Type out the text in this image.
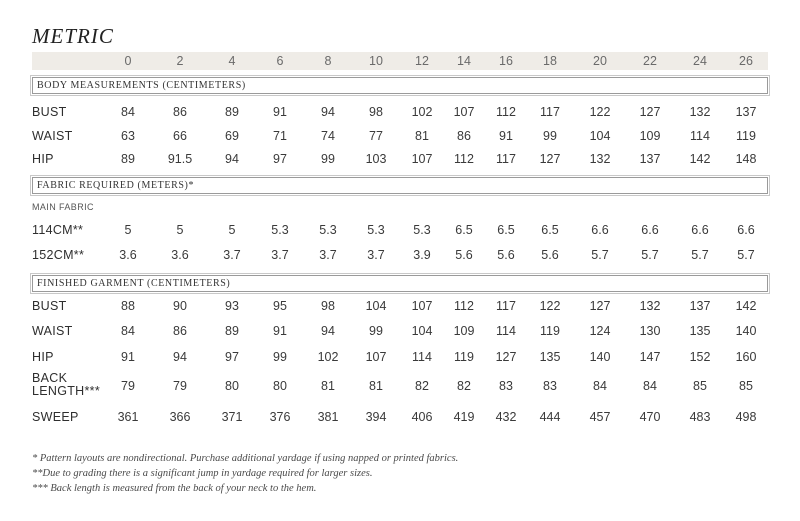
METRIC
0	2	4	6	8	10	12	14	16	18	20	22	24	26
BODY MEASUREMENTS (CENTIMETERS)
FABRIC REQUIRED (METERS)*
FINISHED GARMENT (CENTIMETERS)
MAIN FABRIC
BUST	84	86	89	91	94	98	102	107	112	117	122	127	132	137
WAIST	63	66	69	71	74	77	81	86	91	99	104	109	114	119
HIP	89	91.5	94	97	99	103	107	112	117	127	132	137	142	148
114CM**	5	5	5	5.3	5.3	5.3	5.3	6.5	6.5	6.5	6.6	6.6	6.6	6.6
152CM**	3.6	3.6	3.7	3.7	3.7	3.7	3.9	5.6	5.6	5.6	5.7	5.7	5.7	5.7
BUST	88	90	93	95	98	104	107	112	117	122	127	132	137	142
WAIST	84	86	89	91	94	99	104	109	114	119	124	130	135	140
HIP	91	94	97	99	102	107	114	119	127	135	140	147	152	160
BACK
LENGTH***	79	79	80	80	81	81	82	82	83	83	84	84	85	85
SWEEP	361	366	371	376	381	394	406	419	432	444	457	470	483	498
* Pattern layouts are nondirectional. Purchase additional yardage if using napped or printed fabrics.
**Due to grading there is a significant jump in yardage required for larger sizes.
*** Back length is measured from the back of your neck to the hem.
